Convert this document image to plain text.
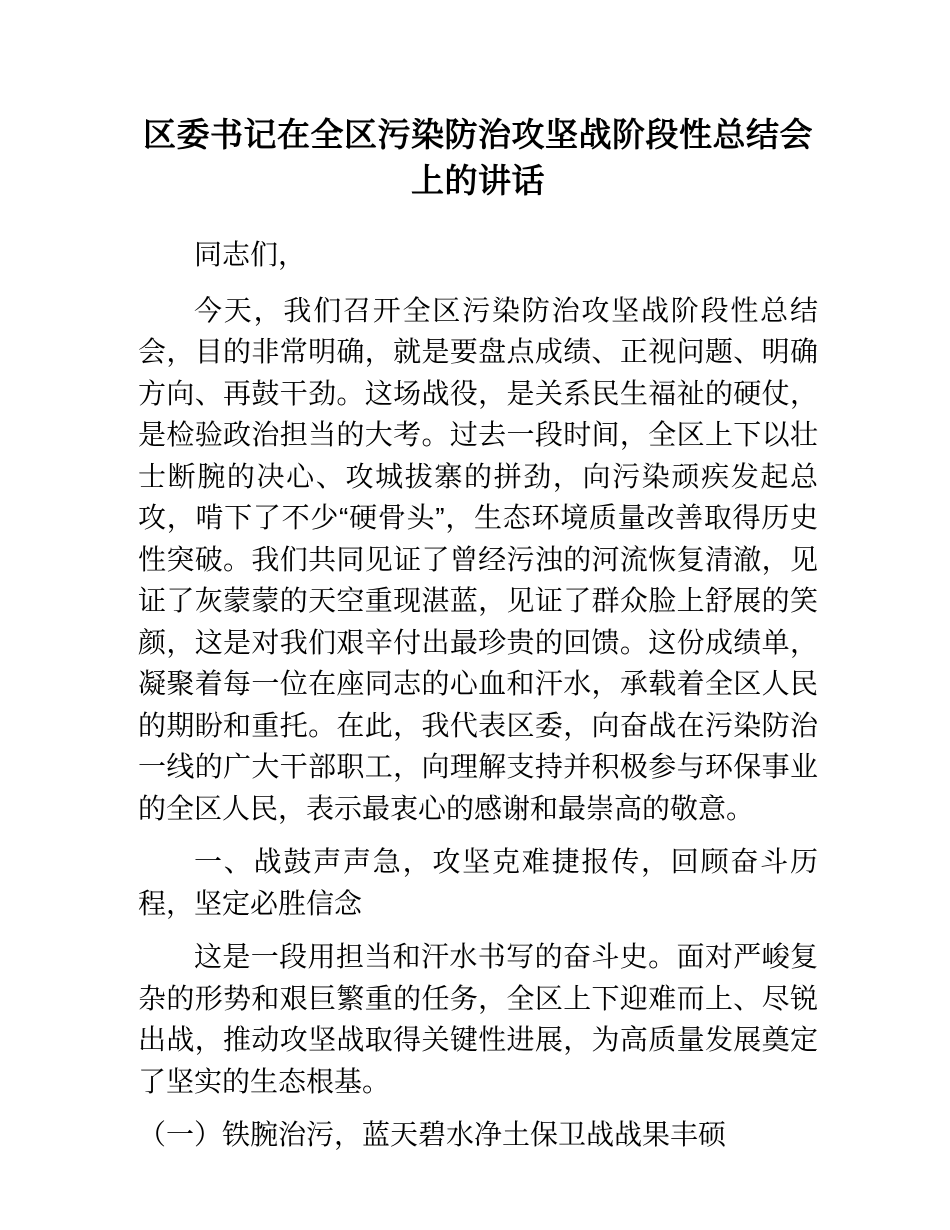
区委书记在全区污染防治攻坚战阶段性总结会上的讲话

同志们，

今天，我们召开全区污染防治攻坚战阶段性总结会，目的非常明确，就是要盘点成绩、正视问题、明确方向、再鼓干劲。这场战役，是关系民生福祉的硬仗，是检验政治担当的大考。过去一段时间，全区上下以壮士断腕的决心、攻城拔寨的拼劲，向污染顽疾发起总攻，啃下了不少“硬骨头”，生态环境质量改善取得历史性突破。我们共同见证了曾经污浊的河流恢复清澈，见证了灰蒙蒙的天空重现湛蓝，见证了群众脸上舒展的笑颜，这是对我们艰辛付出最珍贵的回馈。这份成绩单，凝聚着每一位在座同志的心血和汗水，承载着全区人民的期盼和重托。在此，我代表区委，向奋战在污染防治一线的广大干部职工，向理解支持并积极参与环保事业的全区人民，表示最衷心的感谢和最崇高的敬意。

一、战鼓声声急，攻坚克难捷报传，回顾奋斗历程，坚定必胜信念

这是一段用担当和汗水书写的奋斗史。面对严峻复杂的形势和艰巨繁重的任务，全区上下迎难而上、尽锐出战，推动攻坚战取得关键性进展，为高质量发展奠定了坚实的生态根基。

（一）铁腕治污，蓝天碧水净土保卫战战果丰硕
